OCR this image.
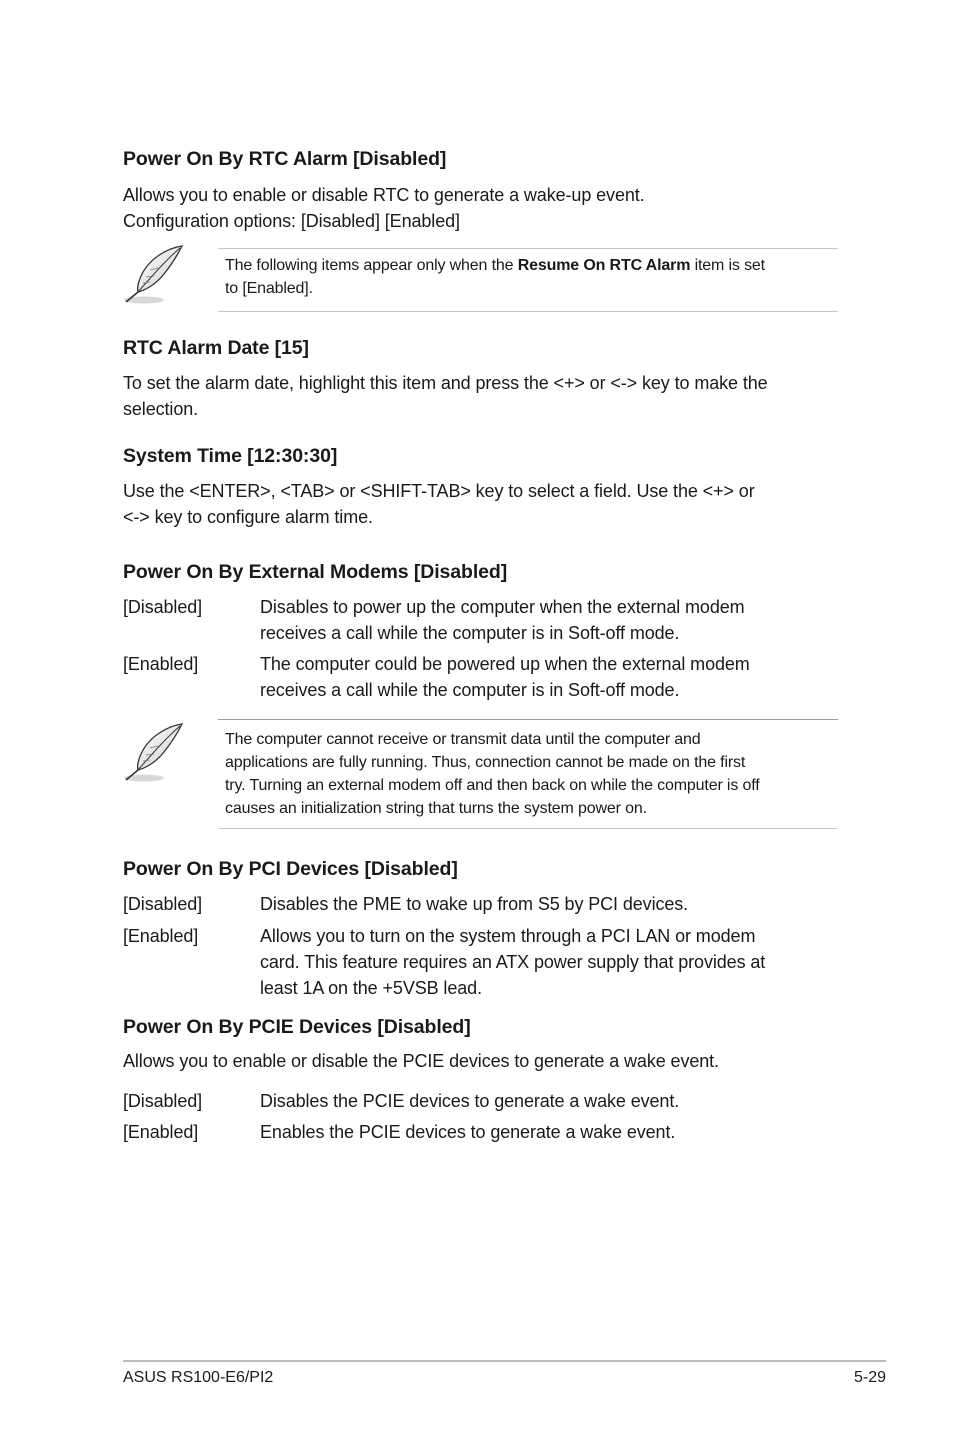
Power On By RTC Alarm [Disabled]
Allows you to enable or disable RTC to generate a wake-up event.
Configuration options: [Disabled] [Enabled]
The following items appear only when the Resume On RTC Alarm item is set
to [Enabled].
RTC Alarm Date [15]
To set the alarm date, highlight this item and press the <+> or <-> key to make the
selection.
System Time [12:30:30]
Use the <ENTER>, <TAB> or <SHIFT-TAB> key to select a field. Use the <+> or
<-> key to configure alarm time.
Power On By External Modems [Disabled]
[Disabled]	Disables to power up the computer when the external modem
receives a call while the computer is in Soft-off mode.
[Enabled]	The computer could be powered up when the external modem
receives a call while the computer is in Soft-off mode.
The computer cannot receive or transmit data until the computer and
applications are fully running. Thus, connection cannot be made on the first
try. Turning an external modem off and then back on while the computer is off
causes an initialization string that turns the system power on.
Power On By PCI Devices [Disabled]
[Disabled]	Disables the PME to wake up from S5 by PCI devices.
[Enabled]	Allows you to turn on the system through a PCI LAN or modem
card. This feature requires an ATX power supply that provides at
least 1A on the +5VSB lead.
Power On By PCIE Devices [Disabled]
Allows you to enable or disable the PCIE devices to generate a wake event.
[Disabled]	Disables the PCIE devices to generate a wake event.
[Enabled]	Enables the PCIE devices to generate a wake event.
ASUS RS100-E6/PI2	5-29
